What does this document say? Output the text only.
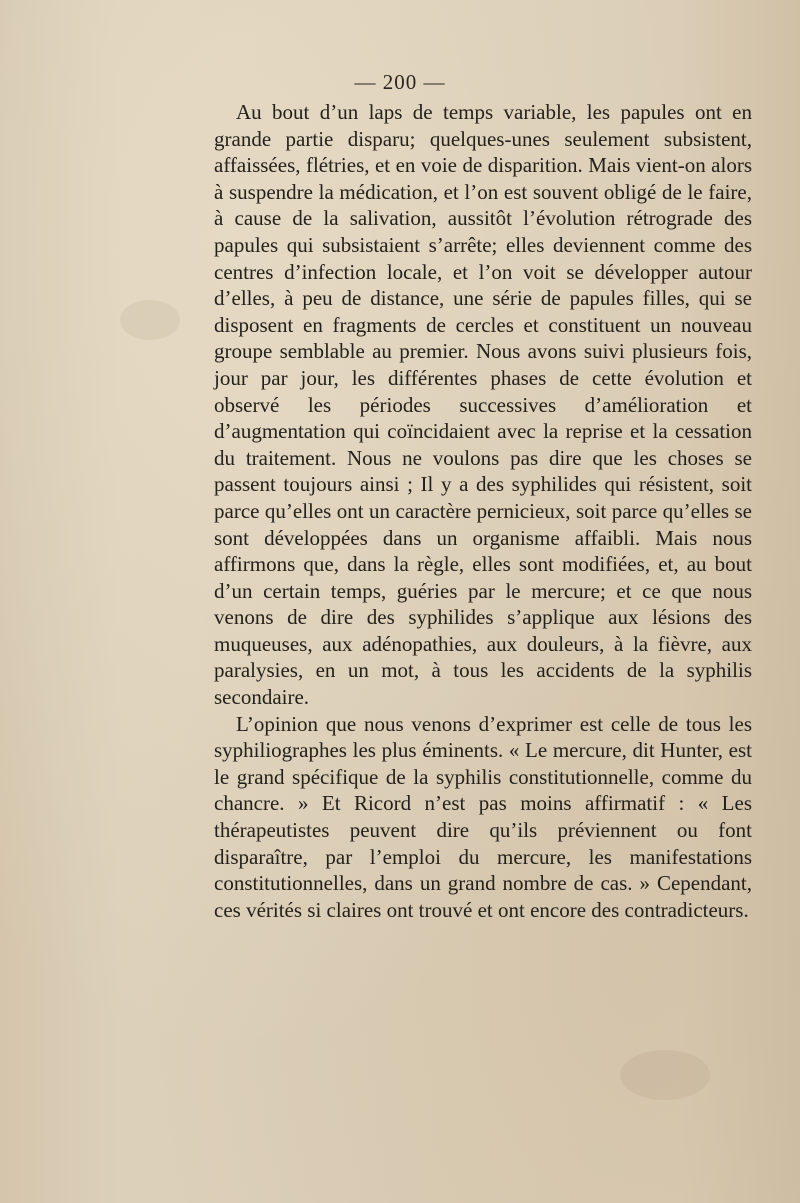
— 200 —

Au bout d’un laps de temps variable, les papules ont en grande partie disparu; quelques-unes seulement subsistent, affaissées, flétries, et en voie de disparition. Mais vient-on alors à suspendre la médication, et l’on est souvent obligé de le faire, à cause de la salivation, aussitôt l’évolution rétrograde des papules qui subsistaient s’arrête; elles deviennent comme des centres d’infection locale, et l’on voit se développer autour d’elles, à peu de distance, une série de papules filles, qui se disposent en fragments de cercles et constituent un nouveau groupe semblable au premier. Nous avons suivi plusieurs fois, jour par jour, les différentes phases de cette évolution et observé les périodes successives d’amélioration et d’augmentation qui coïncidaient avec la reprise et la cessation du traitement. Nous ne voulons pas dire que les choses se passent toujours ainsi ; Il y a des syphilides qui résistent, soit parce qu’elles ont un caractère pernicieux, soit parce qu’elles se sont développées dans un organisme affaibli. Mais nous affirmons que, dans la règle, elles sont modifiées, et, au bout d’un certain temps, guéries par le mercure; et ce que nous venons de dire des syphilides s’applique aux lésions des muqueuses, aux adénopathies, aux douleurs, à la fièvre, aux paralysies, en un mot, à tous les accidents de la syphilis secondaire.

L’opinion que nous venons d’exprimer est celle de tous les syphiliographes les plus éminents. « Le mercure, dit Hunter, est le grand spécifique de la syphilis constitutionnelle, comme du chancre. » Et Ricord n’est pas moins affirmatif : « Les thérapeutistes peuvent dire qu’ils préviennent ou font disparaître, par l’emploi du mercure, les manifestations constitutionnelles, dans un grand nombre de cas. » Cependant, ces vérités si claires ont trouvé et ont encore des contradicteurs.
